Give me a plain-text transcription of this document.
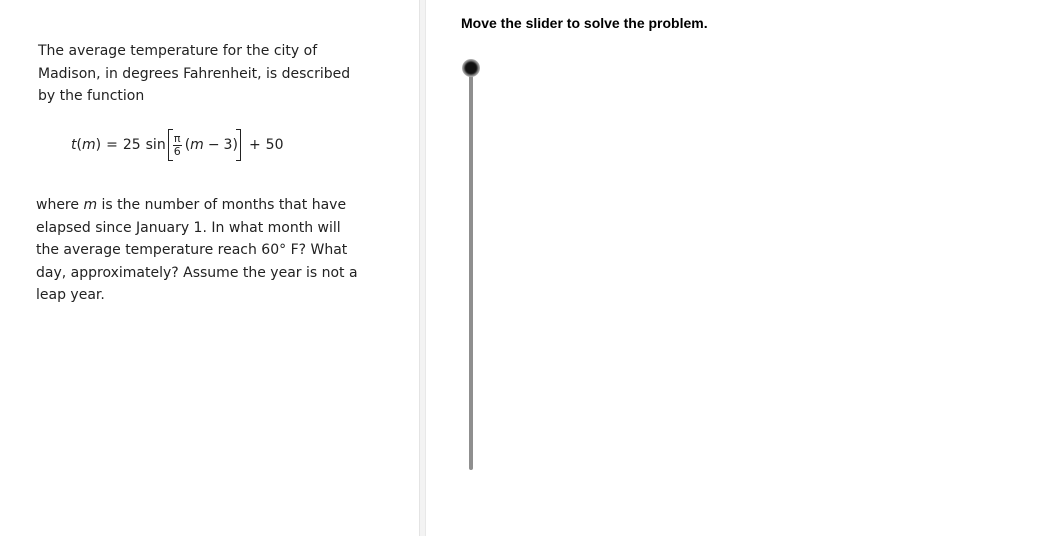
The average temperature for the city of Madison, in degrees Fahrenheit, is described by the function
t ( m ) = 25 $\sin \frac{\pi}{6}$ ( m − 3 ) + 50
where m is the number of months that have elapsed since January 1. In what month will the average temperature reach 60° F? What day, approximately? Assume the year is not a leap year.
Move the slider to solve the problem.
